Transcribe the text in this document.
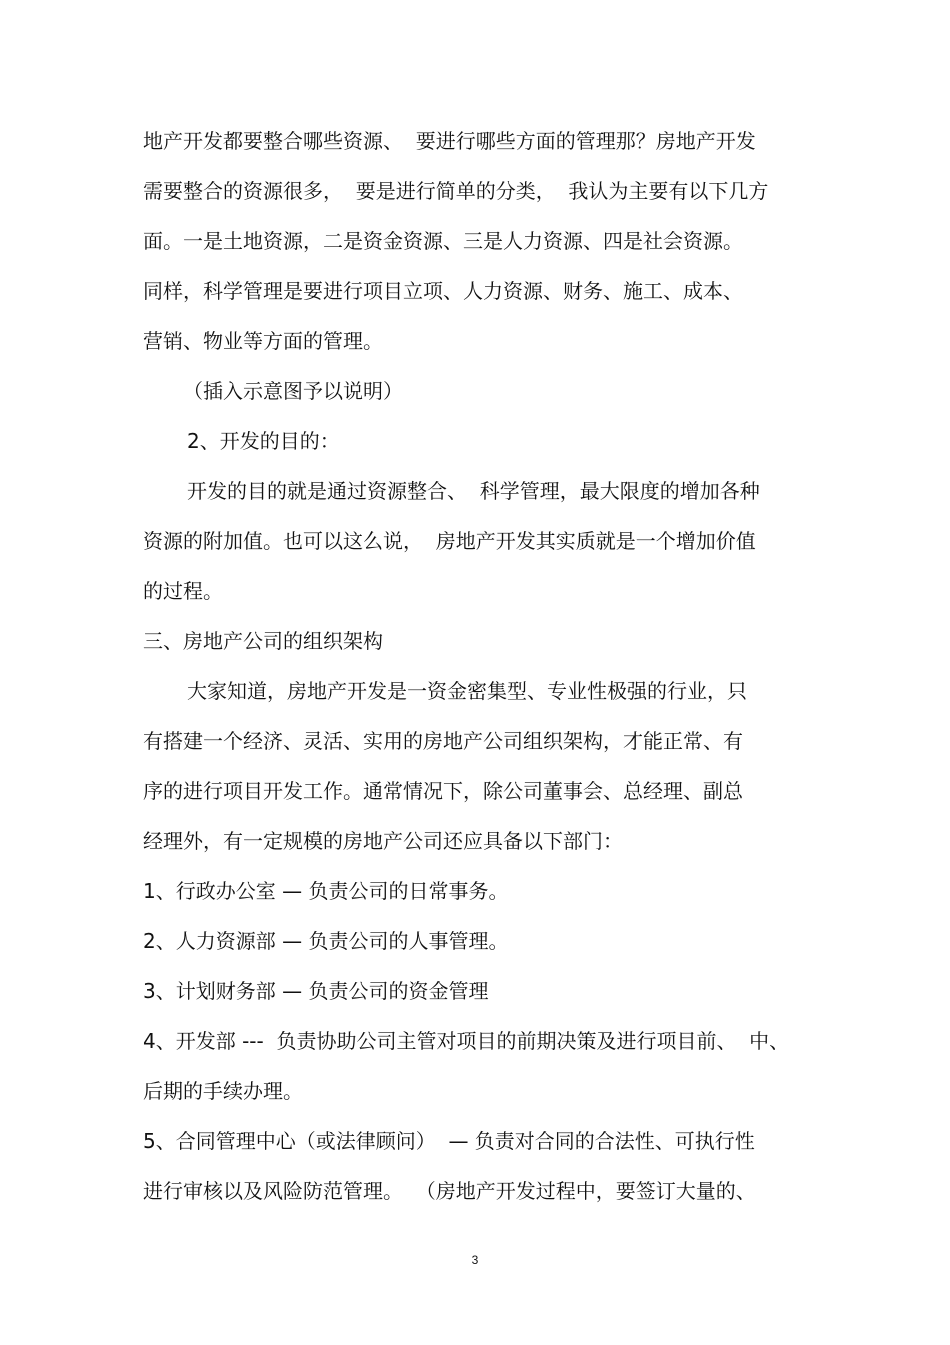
地产开发都要整合哪些资源、  要进行哪些方面的管理那？房地产开发

需要整合的资源很多，  要是进行简单的分类，  我认为主要有以下几方

面。一是土地资源，二是资金资源、三是人力资源、四是社会资源。

同样，科学管理是要进行项目立项、人力资源、财务、施工、成本、

营销、物业等方面的管理。

（插入示意图予以说明）

2、开发的目的：

开发的目的就是通过资源整合、  科学管理，最大限度的增加各种

资源的附加值。也可以这么说，  房地产开发其实质就是一个增加价值

的过程。

三、房地产公司的组织架构

大家知道，房地产开发是一资金密集型、专业性极强的行业，只

有搭建一个经济、灵活、实用的房地产公司组织架构，才能正常、有

序的进行项目开发工作。通常情况下，除公司董事会、总经理、副总

经理外，有一定规模的房地产公司还应具备以下部门：

1、行政办公室 — 负责公司的日常事务。

2、人力资源部 — 负责公司的人事管理。

3、计划财务部 — 负责公司的资金管理

4、开发部 ---  负责协助公司主管对项目的前期决策及进行项目前、  中、

后期的手续办理。

5、合同管理中心（或法律顾问）  — 负责对合同的合法性、可执行性

进行审核以及风险防范管理。  （房地产开发过程中，要签订大量的、

3
